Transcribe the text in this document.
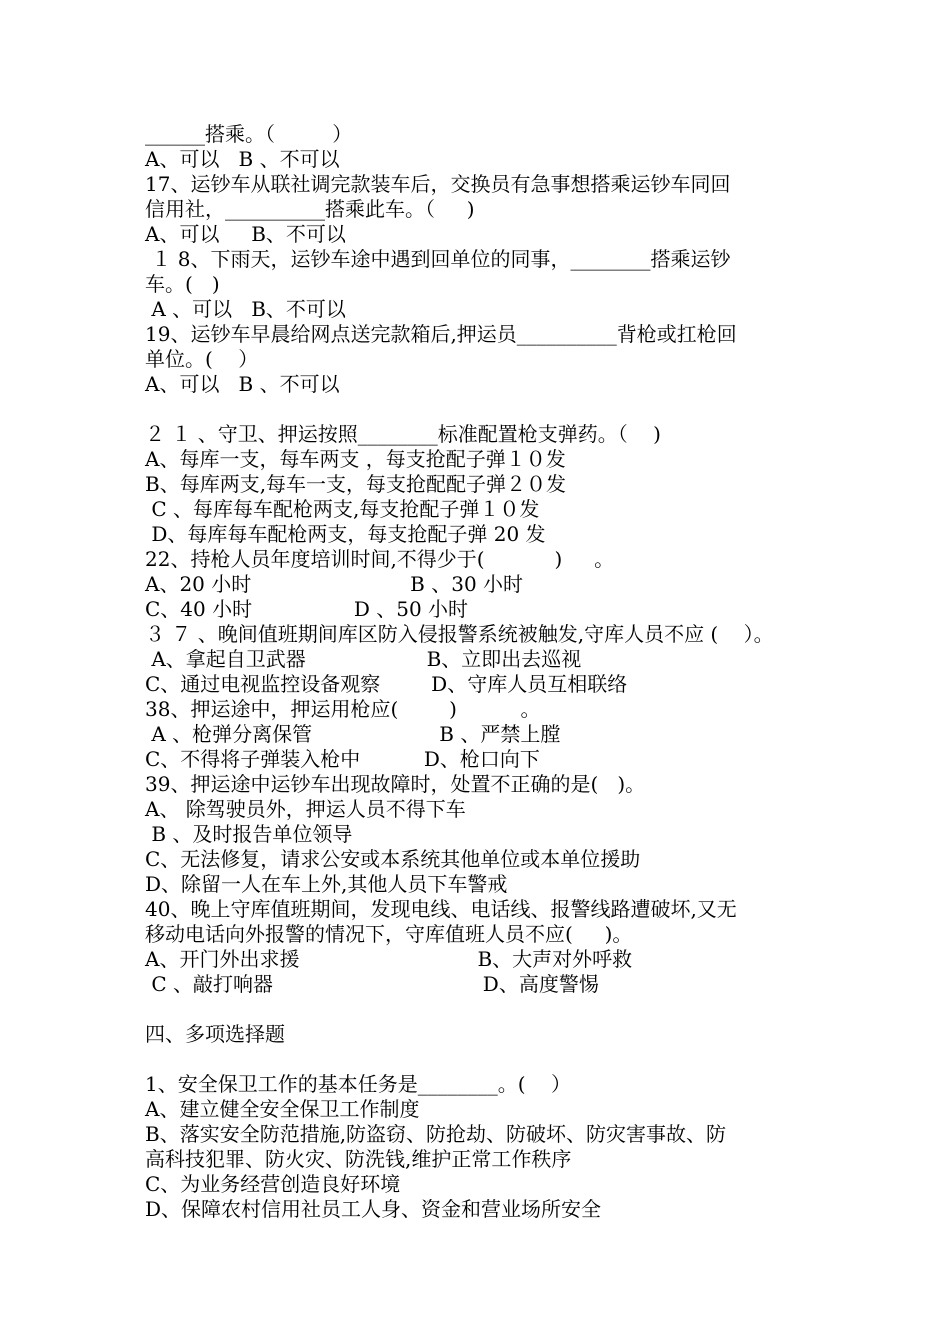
______搭乘。（         ）

A、可以   B 、不可以

17、运钞车从联社调完款装车后，交换员有急事想搭乘运钞车同回

信用社，__________搭乘此车。（     )

A、可以     B、不可以

１ 8、下雨天，运钞车途中遇到回单位的同事，________搭乘运钞

车。(   )

A 、可以   B、不可以

19、运钞车早晨给网点送完款箱后,押运员__________背枪或扛枪回

单位。(    ）

A、可以   B 、不可以

２ １ 、守卫、押运按照________标准配置枪支弹药。（    )

A、每库一支，每车两支 ，每支抢配子弹１０发

B、每库两支,每车一支，每支抢配配子弹２０发

C 、每库每车配枪两支,每支抢配子弹１０发

D、每库每车配枪两支，每支抢配子弹 20 发

22、持枪人员年度培训时间,不得少于(           )     。

A、20 小时                         B 、30 小时

C、40 小时                D 、50 小时

３ ７ 、晚间值班期间库区防入侵报警系统被触发,守库人员不应 (    ）。

A、拿起自卫武器                   B、立即出去巡视

C、通过电视监控设备观察        D、守库人员互相联络

38、押运途中，押运用枪应(        )          。

A 、枪弹分离保管                    B 、严禁上膛

C、不得将子弹装入枪中          D、枪口向下

39、押运途中运钞车出现故障时，处置不正确的是(   )。

A、 除驾驶员外，押运人员不得下车

B 、及时报告单位领导

C、无法修复，请求公安或本系统其他单位或本单位援助

D、除留一人在车上外,其他人员下车警戒

40、晚上守库值班期间，发现电线、电话线、报警线路遭破坏,又无

移动电话向外报警的情况下，守库值班人员不应(     )。

A、开门外出求援                            B、大声对外呼救

C 、敲打响器                                 D、高度警惕

四、多项选择题

1、安全保卫工作的基本任务是________。(    ）

A、建立健全安全保卫工作制度

B、落实安全防范措施,防盗窃、防抢劫、防破坏、防灾害事故、防

高科技犯罪、防火灾、防洗钱,维护正常工作秩序

C、为业务经营创造良好环境

D、保障农村信用社员工人身、资金和营业场所安全
